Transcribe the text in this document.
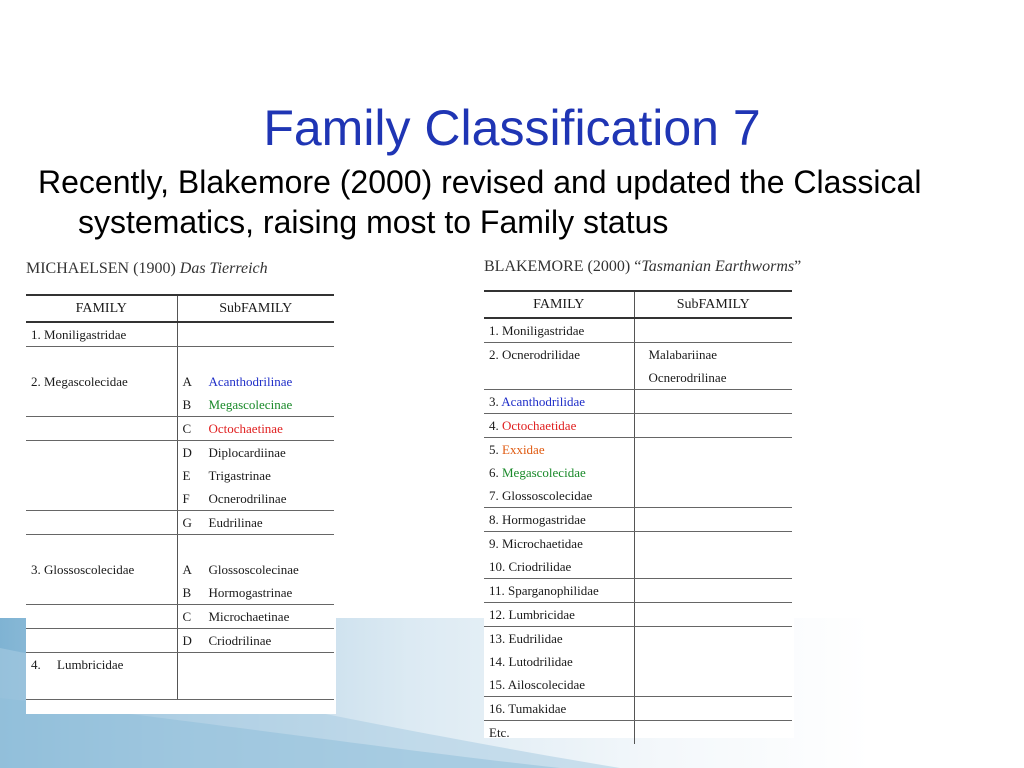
Family Classification 7
Recently, Blakemore (2000) revised and updated the Classical systematics, raising most to Family status
MICHAELSEN (1900) Das Tierreich
FAMILY	SubFAMILY
1. Moniligastridae	
2. Megascolecidae	
	A Acanthodrilinae
	B Megascolecinae
	C Octochaetinae
	D Diplocardiinae
	E Trigastrinae
	F Ocnerodrilinae
	G Eudrilinae
3. Glossoscolecidae	
	A Glossoscolecinae
	B Hormogastrinae
	C Microchaetinae
	D Criodrilinae
4.     Lumbricidae	
BLAKEMORE (2000) “Tasmanian Earthworms”
FAMILY	SubFAMILY
1. Moniligastridae	
2. Ocnerodrilidae	Malabariinae
	Ocnerodrilinae
3. Acanthodrilidae	
4. Octochaetidae	
5. Exxidae	
6. Megascolecidae	
7. Glossoscolecidae	
8. Hormogastridae	
9. Microchaetidae	
10. Criodrilidae	
11. Sparganophilidae	
12. Lumbricidae	
13. Eudrilidae	
14. Lutodrilidae	
15. Ailoscolecidae	
16. Tumakidae	
Etc.	
